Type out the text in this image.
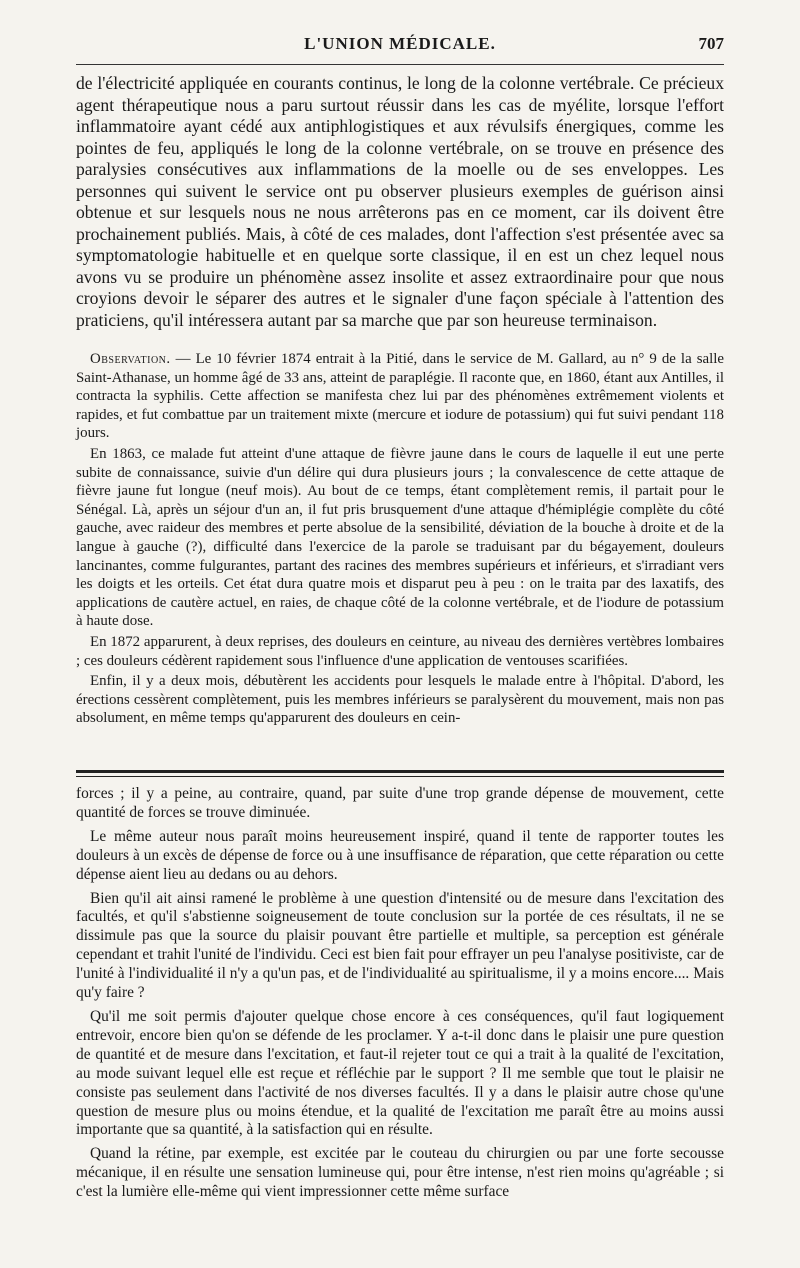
L'UNION MÉDICALE.	707

de l'électricité appliquée en courants continus, le long de la colonne vertébrale. Ce précieux agent thérapeutique nous a paru surtout réussir dans les cas de myélite, lorsque l'effort inflammatoire ayant cédé aux antiphlogistiques et aux révulsifs énergiques, comme les pointes de feu, appliqués le long de la colonne vertébrale, on se trouve en présence des paralysies consécutives aux inflammations de la moelle ou de ses enveloppes. Les personnes qui suivent le service ont pu observer plusieurs exemples de guérison ainsi obtenue et sur lesquels nous ne nous arrêterons pas en ce moment, car ils doivent être prochainement publiés. Mais, à côté de ces malades, dont l'affection s'est présentée avec sa symptomatologie habituelle et en quelque sorte classique, il en est un chez lequel nous avons vu se produire un phénomène assez insolite et assez extraordinaire pour que nous croyions devoir le séparer des autres et le signaler d'une façon spéciale à l'attention des praticiens, qu'il intéressera autant par sa marche que par son heureuse terminaison.

Observation. — Le 10 février 1874 entrait à la Pitié, dans le service de M. Gallard, au n° 9 de la salle Saint-Athanase, un homme âgé de 33 ans, atteint de paraplégie. Il raconte que, en 1860, étant aux Antilles, il contracta la syphilis. Cette affection se manifesta chez lui par des phénomènes extrêmement violents et rapides, et fut combattue par un traitement mixte (mercure et iodure de potassium) qui fut suivi pendant 118 jours.

En 1863, ce malade fut atteint d'une attaque de fièvre jaune dans le cours de laquelle il eut une perte subite de connaissance, suivie d'un délire qui dura plusieurs jours ; la convalescence de cette attaque de fièvre jaune fut longue (neuf mois). Au bout de ce temps, étant complètement remis, il partait pour le Sénégal. Là, après un séjour d'un an, il fut pris brusquement d'une attaque d'hémiplégie complète du côté gauche, avec raideur des membres et perte absolue de la sensibilité, déviation de la bouche à droite et de la langue à gauche (?), difficulté dans l'exercice de la parole se traduisant par du bégayement, douleurs lancinantes, comme fulgurantes, partant des racines des membres supérieurs et inférieurs, et s'irradiant vers les doigts et les orteils. Cet état dura quatre mois et disparut peu à peu : on le traita par des laxatifs, des applications de cautère actuel, en raies, de chaque côté de la colonne vertébrale, et de l'iodure de potassium à haute dose.

En 1872 apparurent, à deux reprises, des douleurs en ceinture, au niveau des dernières vertèbres lombaires ; ces douleurs cédèrent rapidement sous l'influence d'une application de ventouses scarifiées.

Enfin, il y a deux mois, débutèrent les accidents pour lesquels le malade entre à l'hôpital. D'abord, les érections cessèrent complètement, puis les membres inférieurs se paralysèrent du mouvement, mais non pas absolument, en même temps qu'apparurent des douleurs en cein-

forces ; il y a peine, au contraire, quand, par suite d'une trop grande dépense de mouvement, cette quantité de forces se trouve diminuée.

Le même auteur nous paraît moins heureusement inspiré, quand il tente de rapporter toutes les douleurs à un excès de dépense de force ou à une insuffisance de réparation, que cette réparation ou cette dépense aient lieu au dedans ou au dehors.

Bien qu'il ait ainsi ramené le problème à une question d'intensité ou de mesure dans l'excitation des facultés, et qu'il s'abstienne soigneusement de toute conclusion sur la portée de ces résultats, il ne se dissimule pas que la source du plaisir pouvant être partielle et multiple, sa perception est générale cependant et trahit l'unité de l'individu. Ceci est bien fait pour effrayer un peu l'analyse positiviste, car de l'unité à l'individualité il n'y a qu'un pas, et de l'individualité au spiritualisme, il y a moins encore.... Mais qu'y faire ?

Qu'il me soit permis d'ajouter quelque chose encore à ces conséquences, qu'il faut logiquement entrevoir, encore bien qu'on se défende de les proclamer. Y a-t-il donc dans le plaisir une pure question de quantité et de mesure dans l'excitation, et faut-il rejeter tout ce qui a trait à la qualité de l'excitation, au mode suivant lequel elle est reçue et réfléchie par le support ? Il me semble que tout le plaisir ne consiste pas seulement dans l'activité de nos diverses facultés. Il y a dans le plaisir autre chose qu'une question de mesure plus ou moins étendue, et la qualité de l'excitation me paraît être au moins aussi importante que sa quantité, à la satisfaction qui en résulte.

Quand la rétine, par exemple, est excitée par le couteau du chirurgien ou par une forte secousse mécanique, il en résulte une sensation lumineuse qui, pour être intense, n'est rien moins qu'agréable ; si c'est la lumière elle-même qui vient impressionner cette même surface
